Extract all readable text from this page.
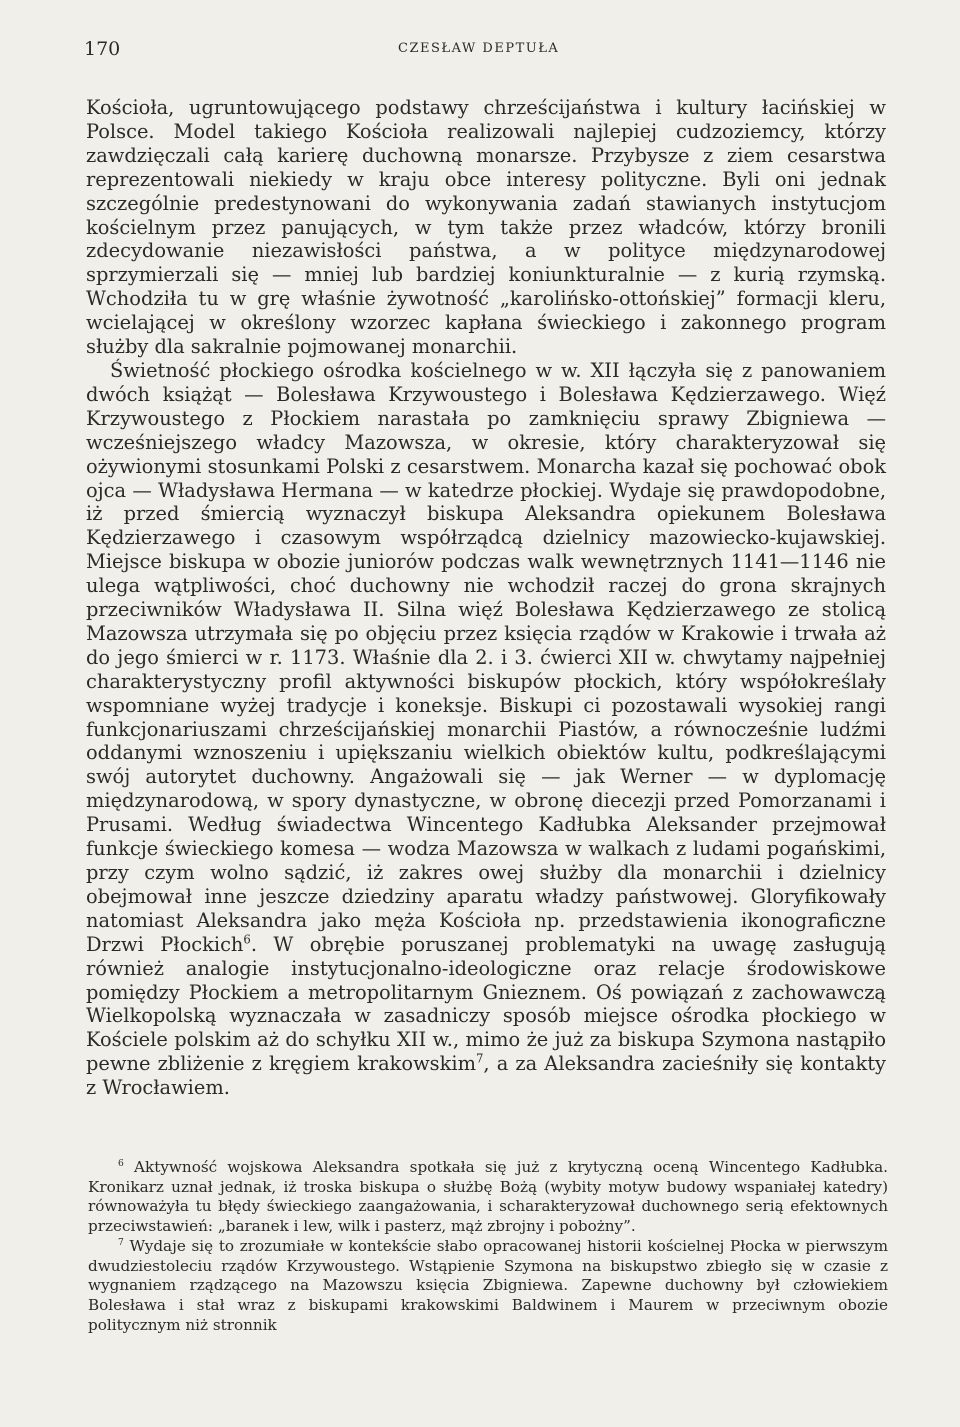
170	CZESŁAW DEPTUŁA

Kościoła, ugruntowującego podstawy chrześcijaństwa i kultury łacińskiej w Polsce. Model takiego Kościoła realizowali najlepiej cudzoziemcy, którzy zawdzięczali całą karierę duchowną monarsze. Przybysze z ziem cesarstwa reprezentowali niekiedy w kraju obce interesy polityczne. Byli oni jednak szczególnie predestynowani do wykonywania zadań stawianych instytucjom kościelnym przez panujących, w tym także przez władców, którzy bronili zdecydowanie niezawisłości państwa, a w polityce międzynarodowej sprzymierzali się — mniej lub bardziej koniunkturalnie — z kurią rzymską. Wchodziła tu w grę właśnie żywotność „karolińsko-ottońskiej” formacji kleru, wcielającej w określony wzorzec kapłana świeckiego i zakonnego program służby dla sakralnie pojmowanej monarchii.

Świetność płockiego ośrodka kościelnego w w. XII łączyła się z panowaniem dwóch książąt — Bolesława Krzywoustego i Bolesława Kędzierzawego. Więź Krzywoustego z Płockiem narastała po zamknięciu sprawy Zbigniewa — wcześniejszego władcy Mazowsza, w okresie, który charakteryzował się ożywionymi stosunkami Polski z cesarstwem. Monarcha kazał się pochować obok ojca — Władysława Hermana — w katedrze płockiej. Wydaje się prawdopodobne, iż przed śmiercią wyznaczył biskupa Aleksandra opiekunem Bolesława Kędzierzawego i czasowym współrządcą dzielnicy mazowiecko-kujawskiej. Miejsce biskupa w obozie juniorów podczas walk wewnętrznych 1141—1146 nie ulega wątpliwości, choć duchowny nie wchodził raczej do grona skrajnych przeciwników Władysława II. Silna więź Bolesława Kędzierzawego ze stolicą Mazowsza utrzymała się po objęciu przez księcia rządów w Krakowie i trwała aż do jego śmierci w r. 1173. Właśnie dla 2. i 3. ćwierci XII w. chwytamy najpełniej charakterystyczny profil aktywności biskupów płockich, który współokreślały wspomniane wyżej tradycje i koneksje. Biskupi ci pozostawali wysokiej rangi funkcjonariuszami chrześcijańskiej monarchii Piastów, a równocześnie ludźmi oddanymi wznoszeniu i upiększaniu wielkich obiektów kultu, podkreślającymi swój autorytet duchowny. Angażowali się — jak Werner — w dyplomację międzynarodową, w spory dynastyczne, w obronę diecezji przed Pomorzanami i Prusami. Według świadectwa Wincentego Kadłubka Aleksander przejmował funkcje świeckiego komesa — wodza Mazowsza w walkach z ludami pogańskimi, przy czym wolno sądzić, iż zakres owej służby dla monarchii i dzielnicy obejmował inne jeszcze dziedziny aparatu władzy państwowej. Gloryfikowały natomiast Aleksandra jako męża Kościoła np. przedstawienia ikonograficzne Drzwi Płockich$^6$. W obrębie poruszanej problematyki na uwagę zasługują również analogie instytucjonalno-ideologiczne oraz relacje środowiskowe pomiędzy Płockiem a metropolitarnym Gnieznem. Oś powiązań z zachowawczą Wielkopolską wyznaczała w zasadniczy sposób miejsce ośrodka płockiego w Kościele polskim aż do schyłku XII w., mimo że już za biskupa Szymona nastąpiło pewne zbliżenie z kręgiem krakowskim$^7$, a za Aleksandra zacieśniły się kontakty z Wrocławiem.

$^6$ Aktywność wojskowa Aleksandra spotkała się już z krytyczną oceną Wincentego Kadłubka. Kronikarz uznał jednak, iż troska biskupa o służbę Bożą (wybity motyw budowy wspaniałej katedry) równoważyła tu błędy świeckiego zaangażowania, i scharakteryzował duchownego serią efektownych przeciwstawień: „baranek i lew, wilk i pasterz, mąż zbrojny i pobożny”.

$^7$ Wydaje się to zrozumiałe w kontekście słabo opracowanej historii kościelnej Płocka w pierwszym dwudziestoleciu rządów Krzywoustego. Wstąpienie Szymona na biskupstwo zbiegło się w czasie z wygnaniem rządzącego na Mazowszu księcia Zbigniewa. Zapewne duchowny był człowiekiem Bolesława i stał wraz z biskupami krakowskimi Baldwinem i Maurem w przeciwnym obozie politycznym niż stronnik
